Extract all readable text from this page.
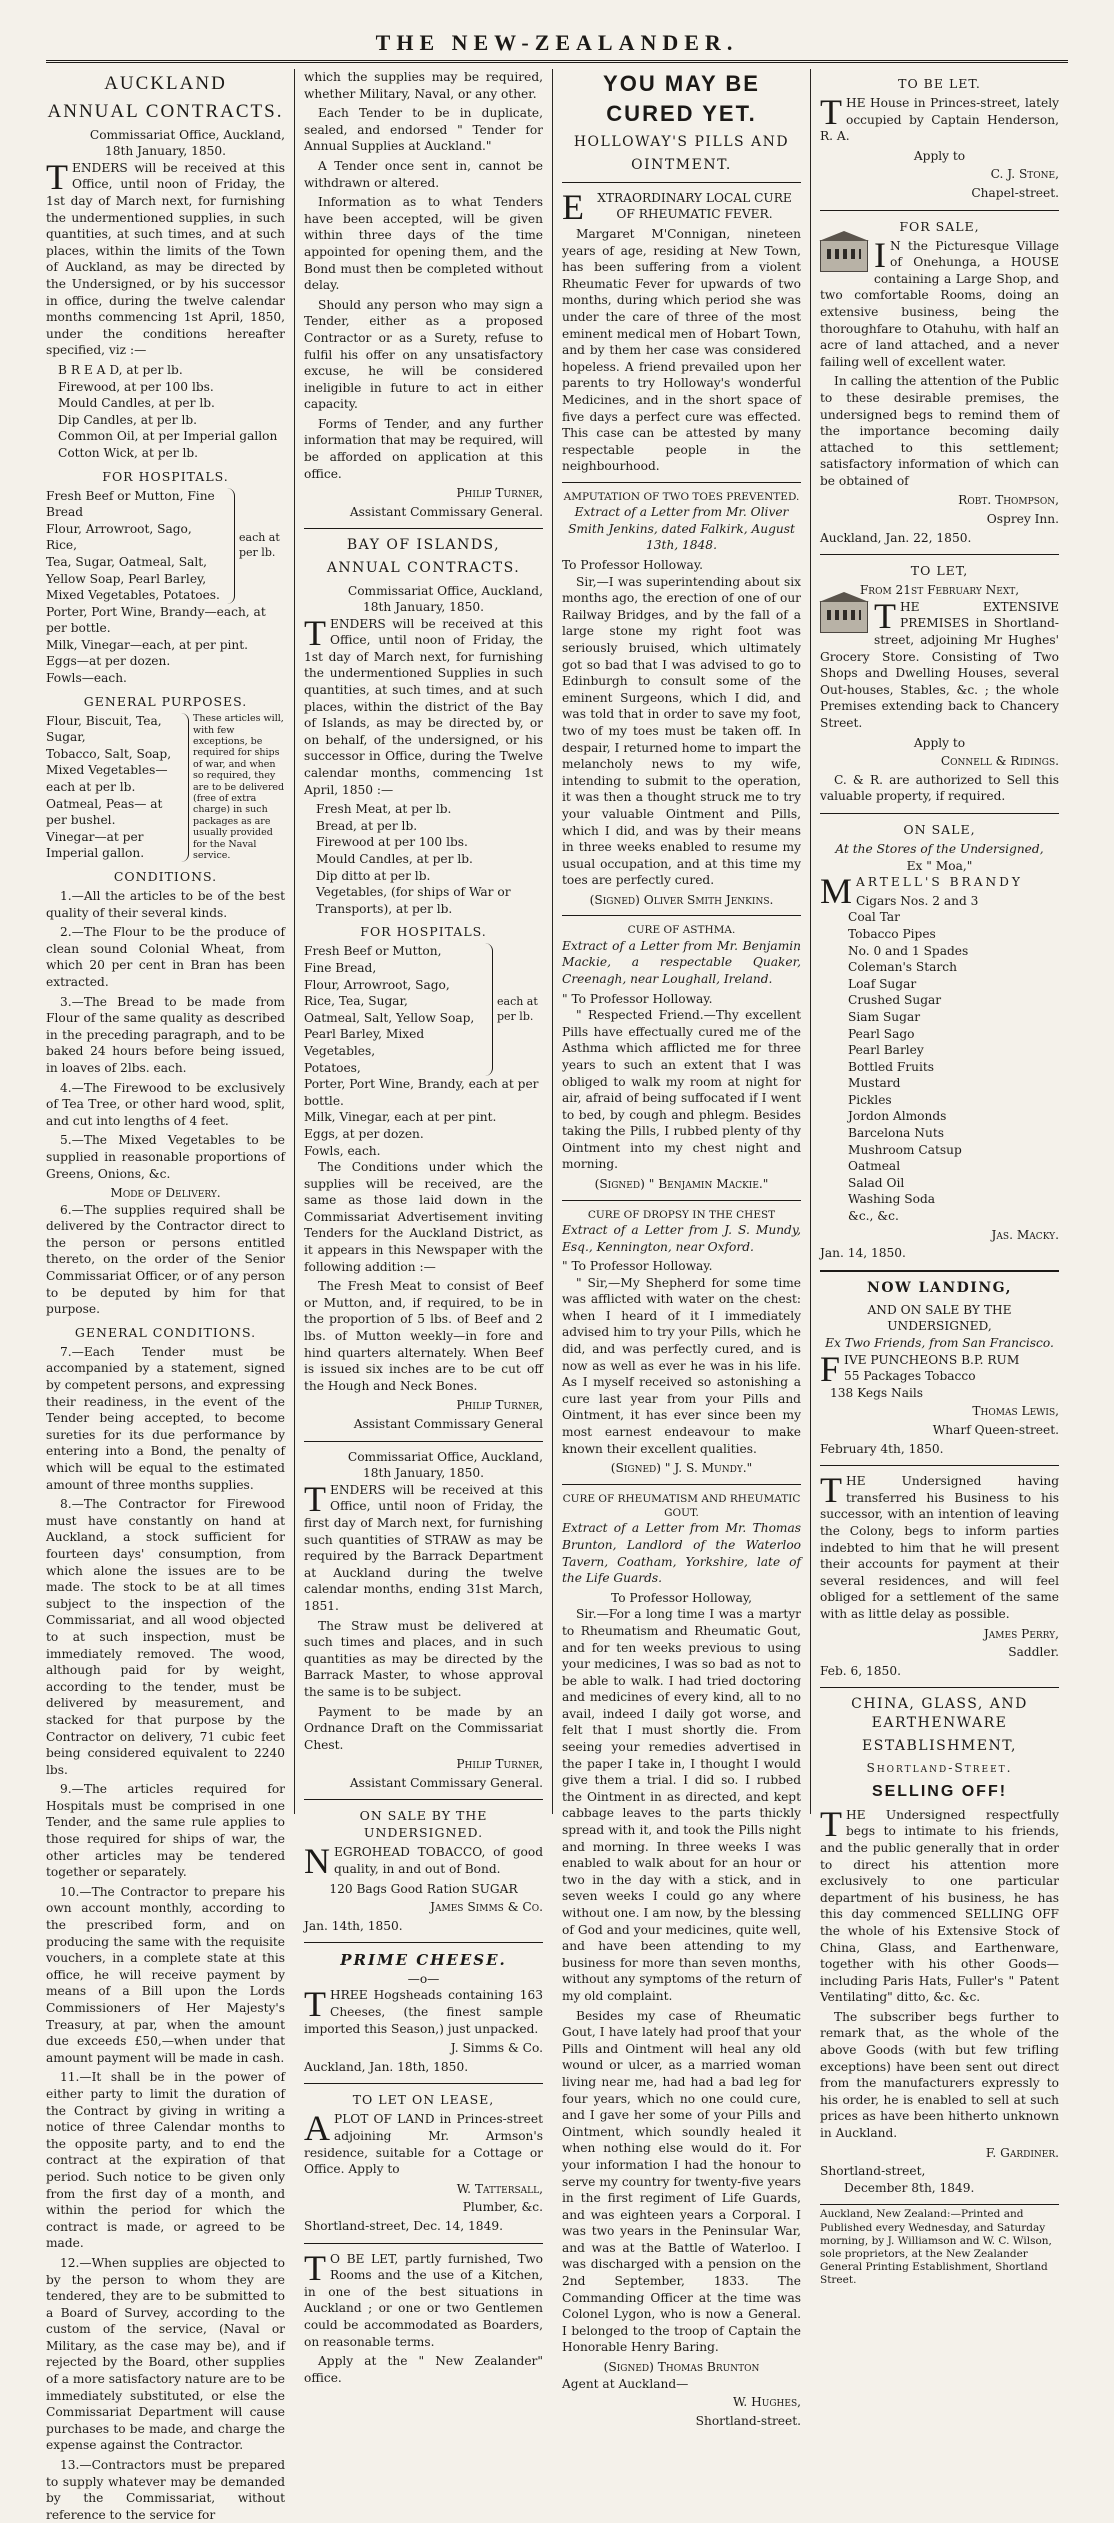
THE NEW-ZEALANDER.
AUCKLAND
ANNUAL CONTRACTS.
Commissariat Office, Auckland,
18th January, 1850.

TENDERS will be received at this Office, until noon of Friday, the 1st day of March next, for furnishing the undermentioned supplies, in such quantities, at such times, and at such places, within the limits of the Town of Auckland, as may be directed by the Undersigned, or by his successor in office, during the twelve calendar months commencing 1st April, 1850, under the conditions hereafter specified, viz :—

B R E A D, at per lb.
Firewood, at per 100 lbs.
Mould Candles, at per lb.
Dip Candles, at per lb.
Common Oil, at per Imperial gallon
Cotton Wick, at per lb.
FOR HOSPITALS.
Fresh Beef or Mutton, Fine Bread
Flour, Arrowroot, Sago, Rice,
Tea, Sugar, Oatmeal, Salt,
Yellow Soap, Pearl Barley,
Mixed Vegetables, Potatoes.
each at per lb.
Porter, Port Wine, Brandy—each, at per bottle.
Milk, Vinegar—each, at per pint.
Eggs—at per dozen.
Fowls—each.
GENERAL PURPOSES.
Flour, Biscuit, Tea, Sugar,
Tobacco, Salt, Soap,
Mixed Vegetables—each at per lb.
Oatmeal, Peas— at per bushel.
Vinegar—at per Imperial gallon.
These articles will, with few exceptions, be required for ships of war, and when so required, they are to be delivered (free of extra charge) in such packages as are usually provided for the Naval service.
CONDITIONS.

1.—All the articles to be of the best quality of their several kinds.

2.—The Flour to be the produce of clean sound Colonial Wheat, from which 20 per cent in Bran has been extracted.

3.—The Bread to be made from Flour of the same quality as described in the preceding paragraph, and to be baked 24 hours before being issued, in loaves of 2lbs. each.

4.—The Firewood to be exclusively of Tea Tree, or other hard wood, split, and cut into lengths of 4 feet.

5.—The Mixed Vegetables to be supplied in reasonable proportions of Greens, Onions, &c.

Mode of Delivery.

6.—The supplies required shall be delivered by the Contractor direct to the person or persons entitled thereto, on the order of the Senior Commissariat Officer, or of any person to be deputed by him for that purpose.

GENERAL CONDITIONS.

7.—Each Tender must be accompanied by a statement, signed by competent persons, and expressing their readiness, in the event of the Tender being accepted, to become sureties for its due performance by entering into a Bond, the penalty of which will be equal to the estimated amount of three months supplies.

8.—The Contractor for Firewood must have constantly on hand at Auckland, a stock sufficient for fourteen days' consumption, from which alone the issues are to be made. The stock to be at all times subject to the inspection of the Commissariat, and all wood objected to at such inspection, must be immediately removed. The wood, although paid for by weight, according to the tender, must be delivered by measurement, and stacked for that purpose by the Contractor on delivery, 71 cubic feet being considered equivalent to 2240 lbs.

9.—The articles required for Hospitals must be comprised in one Tender, and the same rule applies to those required for ships of war, the other articles may be tendered together or separately.

10.—The Contractor to prepare his own account monthly, according to the prescribed form, and on producing the same with the requisite vouchers, in a complete state at this office, he will receive payment by means of a Bill upon the Lords Commissioners of Her Majesty's Treasury, at par, when the amount due exceeds £50,—when under that amount payment will be made in cash.

11.—It shall be in the power of either party to limit the duration of the Contract by giving in writing a notice of three Calendar months to the opposite party, and to end the contract at the expiration of that period. Such notice to be given only from the first day of a month, and within the period for which the contract is made, or agreed to be made.

12.—When supplies are objected to by the person to whom they are tendered, they are to be submitted to a Board of Survey, according to the custom of the service, (Naval or Military, as the case may be), and if rejected by the Board, other supplies of a more satisfactory nature are to be immediately substituted, or else the Commissariat Department will cause purchases to be made, and charge the expense against the Contractor.

13.—Contractors must be prepared to supply whatever may be demanded by the Commissariat, without reference to the service for

which the supplies may be required, whether Military, Naval, or any other.

Each Tender to be in duplicate, sealed, and endorsed " Tender for Annual Supplies at Auckland."

A Tender once sent in, cannot be withdrawn or altered.

Information as to what Tenders have been accepted, will be given within three days of the time appointed for opening them, and the Bond must then be completed without delay.

Should any person who may sign a Tender, either as a proposed Contractor or as a Surety, refuse to fulfil his offer on any unsatisfactory excuse, he will be considered ineligible in future to act in either capacity.

Forms of Tender, and any further information that may be required, will be afforded on application at this office.

Philip Turner,
Assistant Commissary General.
BAY OF ISLANDS,
ANNUAL CONTRACTS.
Commissariat Office, Auckland,
18th January, 1850.

TENDERS will be received at this Office, until noon of Friday, the 1st day of March next, for furnishing the undermentioned Supplies in such quantities, at such times, and at such places, within the district of the Bay of Islands, as may be directed by, or on behalf, of the undersigned, or his successor in Office, during the Twelve calendar months, commencing 1st April, 1850 :—

Fresh Meat, at per lb.
Bread, at per lb.
Firewood at per 100 lbs.
Mould Candles, at per lb.
Dip ditto at per lb.
Vegetables, (for ships of War or Transports), at per lb.
FOR HOSPITALS.
Fresh Beef or Mutton,
Fine Bread,
Flour, Arrowroot, Sago,
Rice, Tea, Sugar,
Oatmeal, Salt, Yellow Soap,
Pearl Barley, Mixed Vegetables,
Potatoes,
each at per lb.
Porter, Port Wine, Brandy, each at per bottle.
Milk, Vinegar, each at per pint.
Eggs, at per dozen.
Fowls, each.

The Conditions under which the supplies will be received, are the same as those laid down in the Commissariat Advertisement inviting Tenders for the Auckland District, as it appears in this Newspaper with the following addition :—

The Fresh Meat to consist of Beef or Mutton, and, if required, to be in the proportion of 5 lbs. of Beef and 2 lbs. of Mutton weekly—in fore and hind quarters alternately. When Beef is issued six inches are to be cut off the Hough and Neck Bones.

Philip Turner,
Assistant Commissary General
Commissariat Office, Auckland,
18th January, 1850.

TENDERS will be received at this Office, until noon of Friday, the first day of March next, for furnishing such quantities of STRAW as may be required by the Barrack Department at Auckland during the twelve calendar months, ending 31st March, 1851.

The Straw must be delivered at such times and places, and in such quantities as may be directed by the Barrack Master, to whose approval the same is to be subject.

Payment to be made by an Ordnance Draft on the Commissariat Chest.

Philip Turner,
Assistant Commissary General.
ON SALE BY THE UNDERSIGNED.

NEGROHEAD TOBACCO, of good quality, in and out of Bond.

120 Bags Good Ration SUGAR
James Simms & Co.
Jan. 14th, 1850.
PRIME CHEESE.
—o—

THREE Hogsheads containing 163 Cheeses, (the finest sample imported this Season,) just unpacked.

J. Simms & Co.
Auckland, Jan. 18th, 1850.
TO LET ON LEASE,

APLOT OF LAND in Princes-street adjoining Mr. Armson's residence, suitable for a Cottage or Office. Apply to

W. Tattersall,
Plumber, &c.
Shortland-street, Dec. 14, 1849.

T O BE LET, partly furnished, Two Rooms and the use of a Kitchen, in one of the best situations in Auckland ; or one or two Gentlemen could be accommodated as Boarders, on reasonable terms.

Apply at the " New Zealander" office.

YOU MAY BE CURED YET.
HOLLOWAY'S PILLS AND
OINTMENT.

E	XTRAORDINARY LOCAL CURE OF RHEUMATIC FEVER.

Margaret M'Connigan, nineteen years of age, residing at New Town, has been suffering from a violent Rheumatic Fever for upwards of two months, during which period she was under the care of three of the most eminent medical men of Hobart Town, and by them her case was considered hopeless. A friend prevailed upon her parents to try Holloway's wonderful Medicines, and in the short space of five days a perfect cure was effected. This case can be attested by many respectable people in the neighbourhood.

AMPUTATION OF TWO TOES PREVENTED.

Extract of a Letter from Mr. Oliver Smith Jenkins, dated Falkirk, August 13th, 1848.

To Professor Holloway.

Sir,—I was superintending about six months ago, the erection of one of our Railway Bridges, and by the fall of a large stone my right foot was seriously bruised, which ultimately got so bad that I was advised to go to Edinburgh to consult some of the eminent Surgeons, which I did, and was told that in order to save my foot, two of my toes must be taken off. In despair, I returned home to impart the melancholy news to my wife, intending to submit to the operation, it was then a thought struck me to try your valuable Ointment and Pills, which I did, and was by their means in three weeks enabled to resume my usual occupation, and at this time my toes are perfectly cured.

(Signed) Oliver Smith Jenkins.
CURE OF ASTHMA.

Extract of a Letter from Mr. Benjamin Mackie, a respectable Quaker, Creenagh, near Loughall, Ireland.

" To Professor Holloway.

" Respected Friend.—Thy excellent Pills have effectually cured me of the Asthma which afflicted me for three years to such an extent that I was obliged to walk my room at night for air, afraid of being suffocated if I went to bed, by cough and phlegm. Besides taking the Pills, I rubbed plenty of thy Ointment into my chest night and morning.

(Signed) " Benjamin Mackie."
CURE OF DROPSY IN THE CHEST

Extract of a Letter from J. S. Mundy, Esq., Kennington, near Oxford.

" To Professor Holloway.

" Sir,—My Shepherd for some time was afflicted with water on the chest: when I heard of it I immediately advised him to try your Pills, which he did, and was perfectly cured, and is now as well as ever he was in his life. As I myself received so astonishing a cure last year from your Pills and Ointment, it has ever since been my most earnest endeavour to make known their excellent qualities.

(Signed) " J. S. Mundy."
CURE OF RHEUMATISM AND RHEUMATIC GOUT.

Extract of a Letter from Mr. Thomas Brunton, Landlord of the Waterloo Tavern, Coatham, Yorkshire, late of the Life Guards.

To Professor Holloway,

Sir.—For a long time I was a martyr to Rheumatism and Rheumatic Gout, and for ten weeks previous to using your medicines, I was so bad as not to be able to walk. I had tried doctoring and medicines of every kind, all to no avail, indeed I daily got worse, and felt that I must shortly die. From seeing your remedies advertised in the paper I take in, I thought I would give them a trial. I did so. I rubbed the Ointment in as directed, and kept cabbage leaves to the parts thickly spread with it, and took the Pills night and morning. In three weeks I was enabled to walk about for an hour or two in the day with a stick, and in seven weeks I could go any where without one. I am now, by the blessing of God and your medicines, quite well, and have been attending to my business for more than seven months, without any symptoms of the return of my old complaint.

Besides my case of Rheumatic Gout, I have lately had proof that your Pills and Ointment will heal any old wound or ulcer, as a married woman living near me, had had a bad leg for four years, which no one could cure, and I gave her some of your Pills and Ointment, which soundly healed it when nothing else would do it. For your information I had the honour to serve my country for twenty-five years in the first regiment of Life Guards, and was eighteen years a Corporal. I was two years in the Peninsular War, and was at the Battle of Waterloo. I was discharged with a pension on the 2nd September, 1833. The Commanding Officer at the time was Colonel Lygon, who is now a General. I belonged to the troop of Captain the Honorable Henry Baring.

(Signed) Thomas Brunton
Agent at Auckland—
W. Hughes,
Shortland-street.
TO BE LET.

THE House in Princes-street, lately occupied by Captain Henderson, R. A.

Apply to
C. J. Stone,
Chapel-street.
FOR SALE,

I N the Picturesque Village of Onehunga, a HOUSE containing a Large Shop, and two comfortable Rooms, doing an extensive business, being the thoroughfare to Otahuhu, with half an acre of land attached, and a never failing well of excellent water.

In calling the attention of the Public to these desirable premises, the undersigned begs to remind them of the importance becoming daily attached to this settlement; satisfactory information of which can be obtained of

Robt. Thompson,
Osprey Inn.
Auckland, Jan. 22, 1850.
TO LET,
From 21st February Next,

THE EXTENSIVE PREMISES in Shortland-street, adjoining Mr Hughes' Grocery Store. Consisting of Two Shops and Dwelling Houses, several Out-houses, Stables, &c. ; the whole Premises extending back to Chancery Street.

Apply to
Connell & Ridings.

C. & R. are authorized to Sell this valuable property, if required.

ON SALE,
At the Stores of the Undersigned,
Ex " Moa,"
MARTELL'S BRANDY
Cigars Nos. 2 and 3
Coal Tar
Tobacco Pipes
No. 0 and 1 Spades
Coleman's Starch
Loaf Sugar
Crushed Sugar
Siam Sugar
Pearl Sago
Pearl Barley
Bottled Fruits
Mustard
Pickles
Jordon Almonds
Barcelona Nuts
Mushroom Catsup
Oatmeal
Salad Oil
Washing Soda
&c., &c.
Jas. Macky.
Jan. 14, 1850.
NOW LANDING,
AND ON SALE BY THE UNDERSIGNED,
Ex Two Friends, from San Francisco.
FIVE PUNCHEONS B.P. RUM
55 Packages Tobacco
138 Kegs Nails
Thomas Lewis,
Wharf Queen-street.
February 4th, 1850.

THE Undersigned having transferred his Business to his successor, with an intention of leaving the Colony, begs to inform parties indebted to him that he will present their accounts for payment at their several residences, and will feel obliged for a settlement of the same with as little delay as possible.

James Perry,
Saddler.
Feb. 6, 1850.
CHINA, GLASS, AND EARTHENWARE
ESTABLISHMENT,
Shortland-Street.
SELLING OFF!

THE Undersigned respectfully begs to intimate to his friends, and the public generally that in order to direct his attention more exclusively to one particular department of his business, he has this day commenced SELLING OFF the whole of his Extensive Stock of China, Glass, and Earthenware, together with his other Goods—including Paris Hats, Fuller's " Patent Ventilating" ditto, &c. &c.

The subscriber begs further to remark that, as the whole of the above Goods (with but few trifling exceptions) have been sent out direct from the manufacturers expressly to his order, he is enabled to sell at such prices as have been hitherto unknown in Auckland.

F. Gardiner.
Shortland-street,
December 8th, 1849.
Auckland, New Zealand:—Printed and Published every Wednesday, and Saturday morning, by J. Williamson and W. C. Wilson, sole proprietors, at the New Zealander General Printing Establishment, Shortland Street.
